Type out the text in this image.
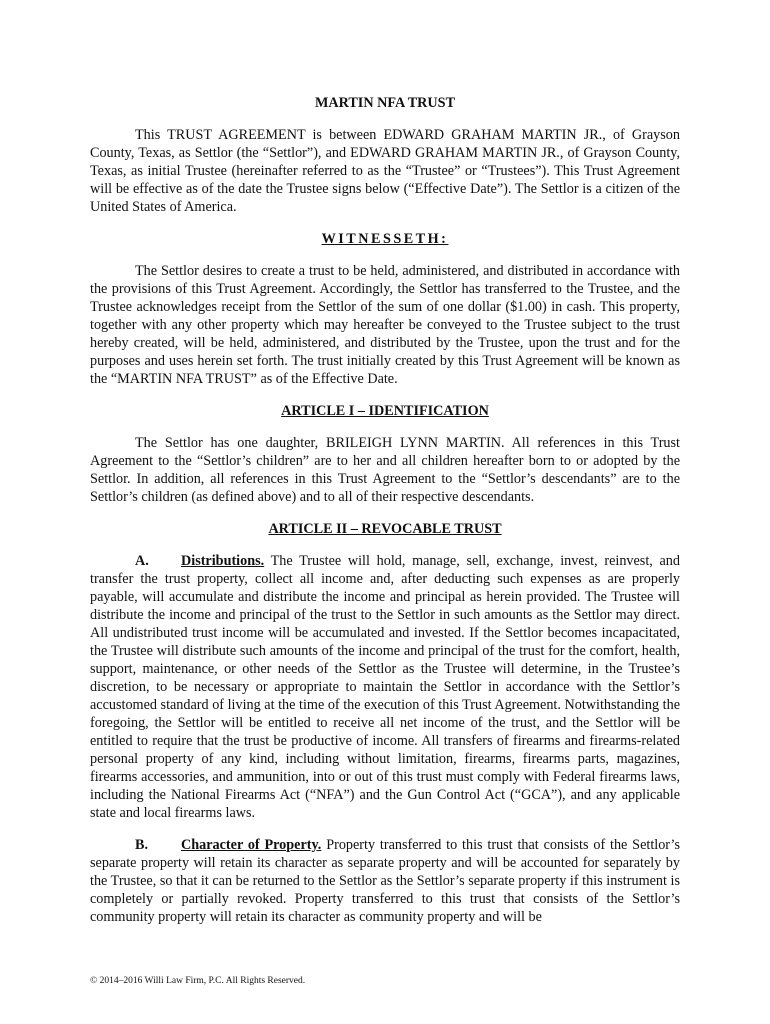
MARTIN NFA TRUST
This TRUST AGREEMENT is between EDWARD GRAHAM MARTIN JR., of Grayson County, Texas, as Settlor (the “Settlor”), and EDWARD GRAHAM MARTIN JR., of Grayson County, Texas, as initial Trustee (hereinafter referred to as the “Trustee” or “Trustees”). This Trust Agreement will be effective as of the date the Trustee signs below (“Effective Date”). The Settlor is a citizen of the United States of America.
WITNESSETH:
The Settlor desires to create a trust to be held, administered, and distributed in accordance with the provisions of this Trust Agreement. Accordingly, the Settlor has transferred to the Trustee, and the Trustee acknowledges receipt from the Settlor of the sum of one dollar ($1.00) in cash. This property, together with any other property which may hereafter be conveyed to the Trustee subject to the trust hereby created, will be held, administered, and distributed by the Trustee, upon the trust and for the purposes and uses herein set forth. The trust initially created by this Trust Agreement will be known as the “MARTIN NFA TRUST” as of the Effective Date.
ARTICLE I – IDENTIFICATION
The Settlor has one daughter, BRILEIGH LYNN MARTIN. All references in this Trust Agreement to the “Settlor’s children” are to her and all children hereafter born to or adopted by the Settlor. In addition, all references in this Trust Agreement to the “Settlor’s descendants” are to the Settlor’s children (as defined above) and to all of their respective descendants.
ARTICLE II – REVOCABLE TRUST
A. Distributions. The Trustee will hold, manage, sell, exchange, invest, reinvest, and transfer the trust property, collect all income and, after deducting such expenses as are properly payable, will accumulate and distribute the income and principal as herein provided. The Trustee will distribute the income and principal of the trust to the Settlor in such amounts as the Settlor may direct. All undistributed trust income will be accumulated and invested. If the Settlor becomes incapacitated, the Trustee will distribute such amounts of the income and principal of the trust for the comfort, health, support, maintenance, or other needs of the Settlor as the Trustee will determine, in the Trustee’s discretion, to be necessary or appropriate to maintain the Settlor in accordance with the Settlor’s accustomed standard of living at the time of the execution of this Trust Agreement. Notwithstanding the foregoing, the Settlor will be entitled to receive all net income of the trust, and the Settlor will be entitled to require that the trust be productive of income. All transfers of firearms and firearms-related personal property of any kind, including without limitation, firearms, firearms parts, magazines, firearms accessories, and ammunition, into or out of this trust must comply with Federal firearms laws, including the National Firearms Act (“NFA”) and the Gun Control Act (“GCA”), and any applicable state and local firearms laws.
B. Character of Property. Property transferred to this trust that consists of the Settlor’s separate property will retain its character as separate property and will be accounted for separately by the Trustee, so that it can be returned to the Settlor as the Settlor’s separate property if this instrument is completely or partially revoked. Property transferred to this trust that consists of the Settlor’s community property will retain its character as community property and will be
© 2014–2016 Willi Law Firm, P.C. All Rights Reserved.
